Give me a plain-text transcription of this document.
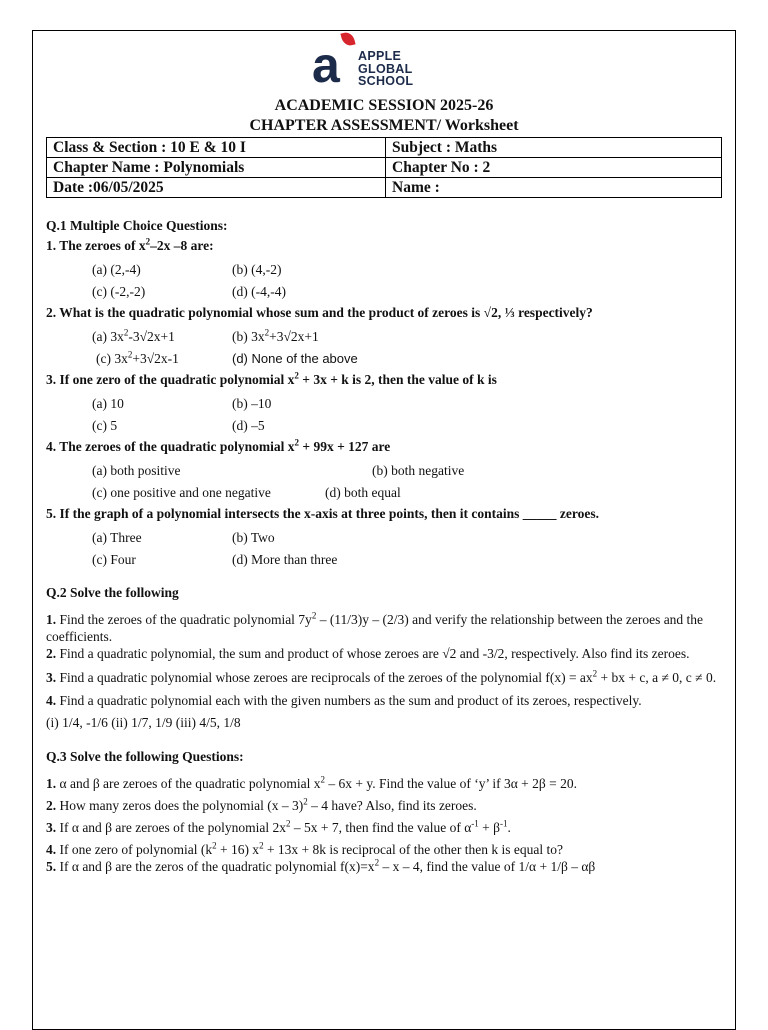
a APPLE
GLOBAL
SCHOOL
ACADEMIC SESSION 2025-26
CHAPTER ASSESSMENT/ Worksheet
Class & Section : 10 E & 10 I	Subject : Maths
Chapter Name : Polynomials	Chapter No : 2
Date :06/05/2025	Name :

Q.1 Multiple Choice Questions:

1. The zeroes of $x^2-2x$ –8 are:

(a) (2,-4)	(b) (4,-2)
(c) (-2,-2)	(d) (-4,-4)

2. What is the quadratic polynomial whose sum and the product of zeroes is √2, ⅓ respectively?

(a) $3x^2-3√2x+1$	(b) $3x^2+3√2x+1$
(c) $3x^2+3√2x-1$	(d) None of the above

3. If one zero of the quadratic polynomial $x^2 + 3x + k$ is 2, then the value of k is

(a) 10	(b) –10
(c) 5	(d) –5

4. The zeroes of the quadratic polynomial $x^2 + 99x + 127$ are

(a) both positive	(b) both negative
(c) one positive and one negative	(d) both equal

5. If the graph of a polynomial intersects the x-axis at three points, then it contains _____ zeroes.

(a) Three	(b) Two
(c) Four	(d) More than three

Q.2 Solve the following

1. Find the zeroes of the quadratic polynomial $7y^2 - (11/3)y - (2/3)$ and verify the relationship between the zeroes and the coefficients.

2. Find a quadratic polynomial, the sum and product of whose zeroes are √2 and -3/2, respectively. Also find its zeroes.

3. Find a quadratic polynomial whose zeroes are reciprocals of the zeroes of the polynomial $f(x) = ax^2$ + bx + c, a ≠ 0, c ≠ 0.

4. Find a quadratic polynomial each with the given numbers as the sum and product of its zeroes, respectively.

(i) 1/4, -1/6 (ii) 1/7, 1/9 (iii) 4/5, 1/8

Q.3 Solve the following Questions:

1. α and β are zeroes of the quadratic polynomial $x^2 - 6x + y$. Find the value of ‘y’ if 3α + 2β = 20.

2. How many zeros does the polynomial (x – 3)$^2$ – 4 have? Also, find its zeroes.

3. If α and β are zeroes of the polynomial $2x^2 - 5x + 7$, then find the value of $\alpha^{-1} + \beta^{-1}$.

4. If one zero of polynomial $(k^2 + 16) x^2 + 13x + 8k$ is reciprocal of the other then k is equal to?

5. If α and β are the zeros of the quadratic polynomial $f(x)=x^2 - x - 4$, find the value of 1/α + 1/β – αβ
